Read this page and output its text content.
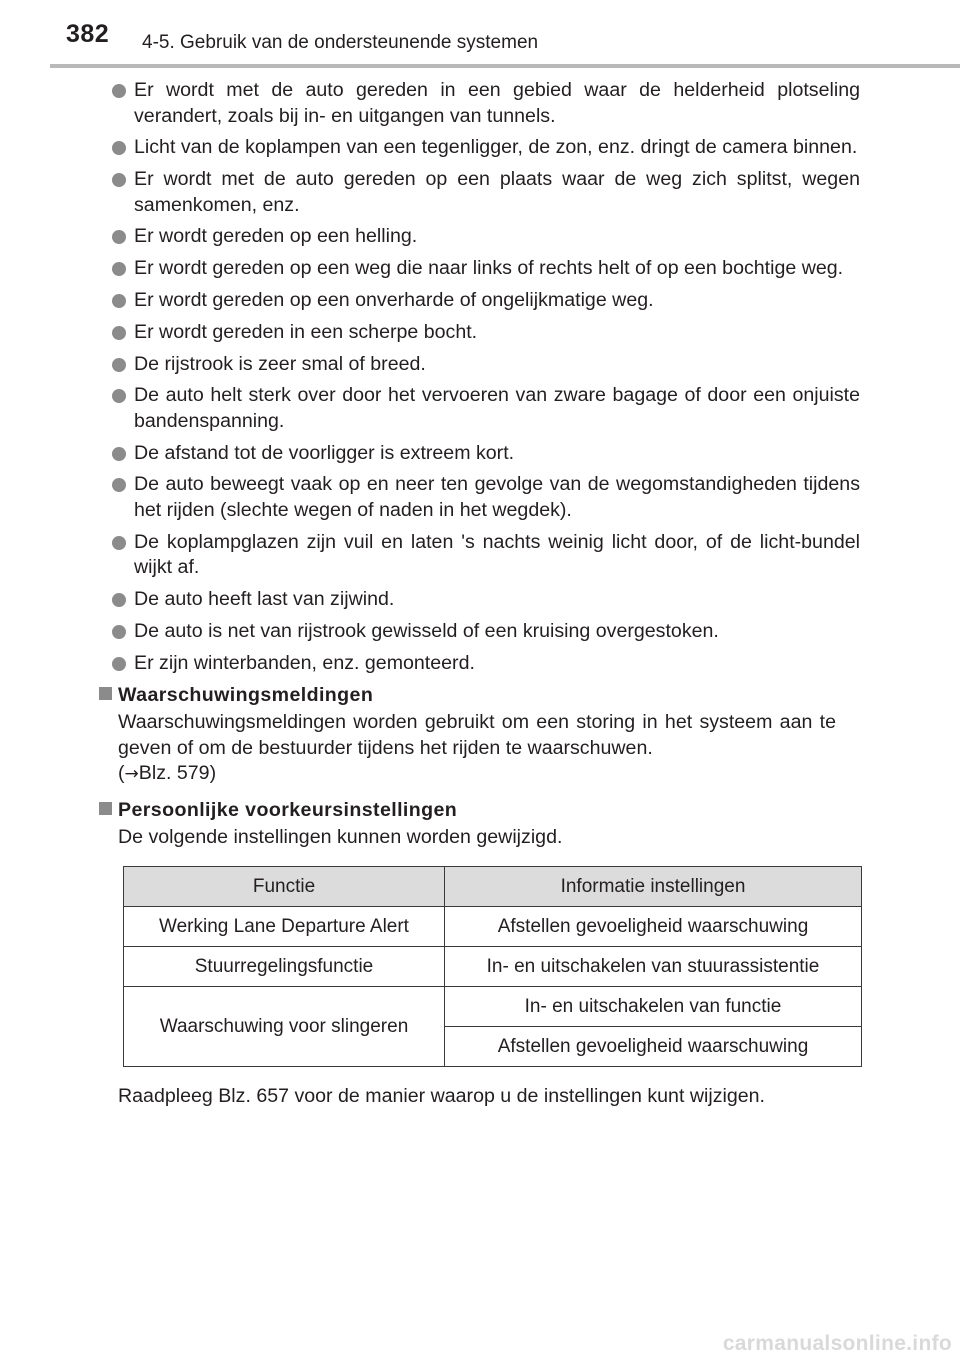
382 4-5. Gebruik van de ondersteunende systemen
Er wordt met de auto gereden in een gebied waar de helderheid plotseling verandert, zoals bij in- en uitgangen van tunnels.
Licht van de koplampen van een tegenligger, de zon, enz. dringt de camera binnen.
Er wordt met de auto gereden op een plaats waar de weg zich splitst, wegen samenkomen, enz.
Er wordt gereden op een helling.
Er wordt gereden op een weg die naar links of rechts helt of op een bochtige weg.
Er wordt gereden op een onverharde of ongelijkmatige weg.
Er wordt gereden in een scherpe bocht.
De rijstrook is zeer smal of breed.
De auto helt sterk over door het vervoeren van zware bagage of door een onjuiste bandenspanning.
De afstand tot de voorligger is extreem kort.
De auto beweegt vaak op en neer ten gevolge van de wegomstandigheden tijdens het rijden (slechte wegen of naden in het wegdek).
De koplampglazen zijn vuil en laten 's nachts weinig licht door, of de licht-bundel wijkt af.
De auto heeft last van zijwind.
De auto is net van rijstrook gewisseld of een kruising overgestoken.
Er zijn winterbanden, enz. gemonteerd.
Waarschuwingsmeldingen
Waarschuwingsmeldingen worden gebruikt om een storing in het systeem aan te geven of om de bestuurder tijdens het rijden te waarschuwen.
(→Blz. 579)
Persoonlijke voorkeursinstellingen
De volgende instellingen kunnen worden gewijzigd.
Functie	Informatie instellingen
Werking Lane Departure Alert	Afstellen gevoeligheid waarschuwing
Stuurregelingsfunctie	In- en uitschakelen van stuurassistentie
Waarschuwing voor slingeren	In- en uitschakelen van functie
	Afstellen gevoeligheid waarschuwing
Raadpleeg Blz. 657 voor de manier waarop u de instellingen kunt wijzigen.
carmanualsonline.info
